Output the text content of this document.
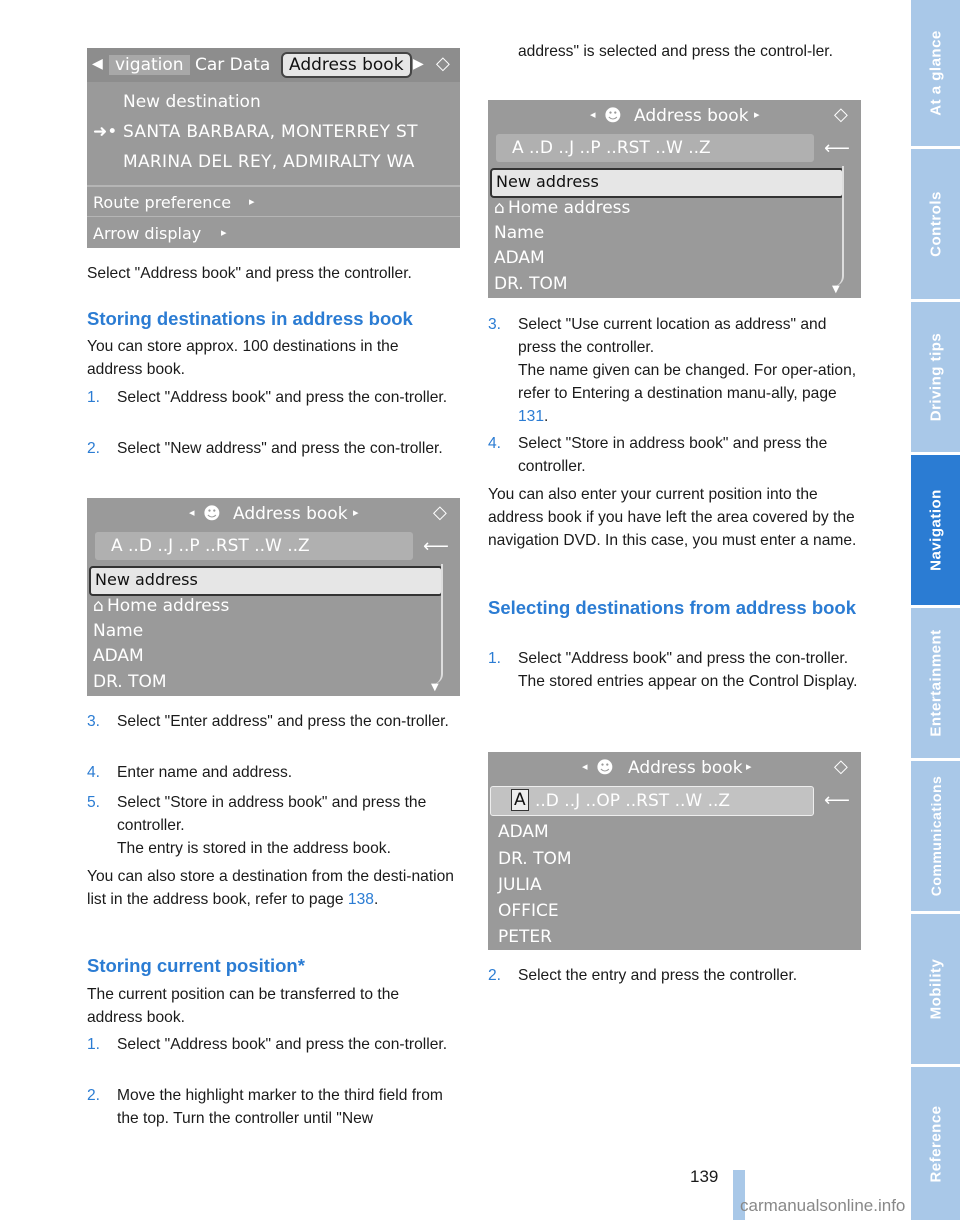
◀ vigation Car Data	Address book ▶ ◇
New destination
➜• SANTA BARBARA, MONTERREY ST
MARINA DEL REY, ADMIRALTY WA
Route preference ▸
Arrow display ▸

Select "Address book" and press the controller.

Storing destinations in address book

You can store approx. 100 destinations in the address book.

1. Select "Address book" and press the con-troller.
2. Select "New address" and press the con-troller.
◂ ☻ Address book ▸	◇
A ..D ..J ..P ..RST ..W ..Z	⟵
New address
⌂ Home address
Name
ADAM
DR. TOM	▼
3. Select "Enter address" and press the con-troller.
4. Enter name and address.
5. Select "Store in address book" and press the controller.
The entry is stored in the address book.

You can also store a destination from the desti-nation list in the address book, refer to page 138.

Storing current position*

The current position can be transferred to the address book.

1. Select "Address book" and press the con-troller.
2. Move the highlight marker to the third field from the top. Turn the controller until "New

address" is selected and press the control-ler.

◂ ☻ Address book ▸	◇
A ..D ..J ..P ..RST ..W ..Z	⟵
New address
⌂ Home address
Name
ADAM
DR. TOM	▼
3. Select "Use current location as address" and press the controller.
The name given can be changed. For oper-ation, refer to Entering a destination manu-ally, page 131.
4. Select "Store in address book" and press the controller.

You can also enter your current position into the address book if you have left the area covered by the navigation DVD. In this case, you must enter a name.

Selecting destinations from address book
1. Select "Address book" and press the con-troller.
The stored entries appear on the Control Display.
◂ ☻ Address book ▸	◇
A ..D ..J ..OP ..RST ..W ..Z	⟵
ADAM
DR. TOM
JULIA
OFFICE
PETER
2. Select the entry and press the controller.
At a glance
Controls
Driving tips
Navigation
Entertainment
Communications
Mobility
Reference
139
carmanualsonline.info
